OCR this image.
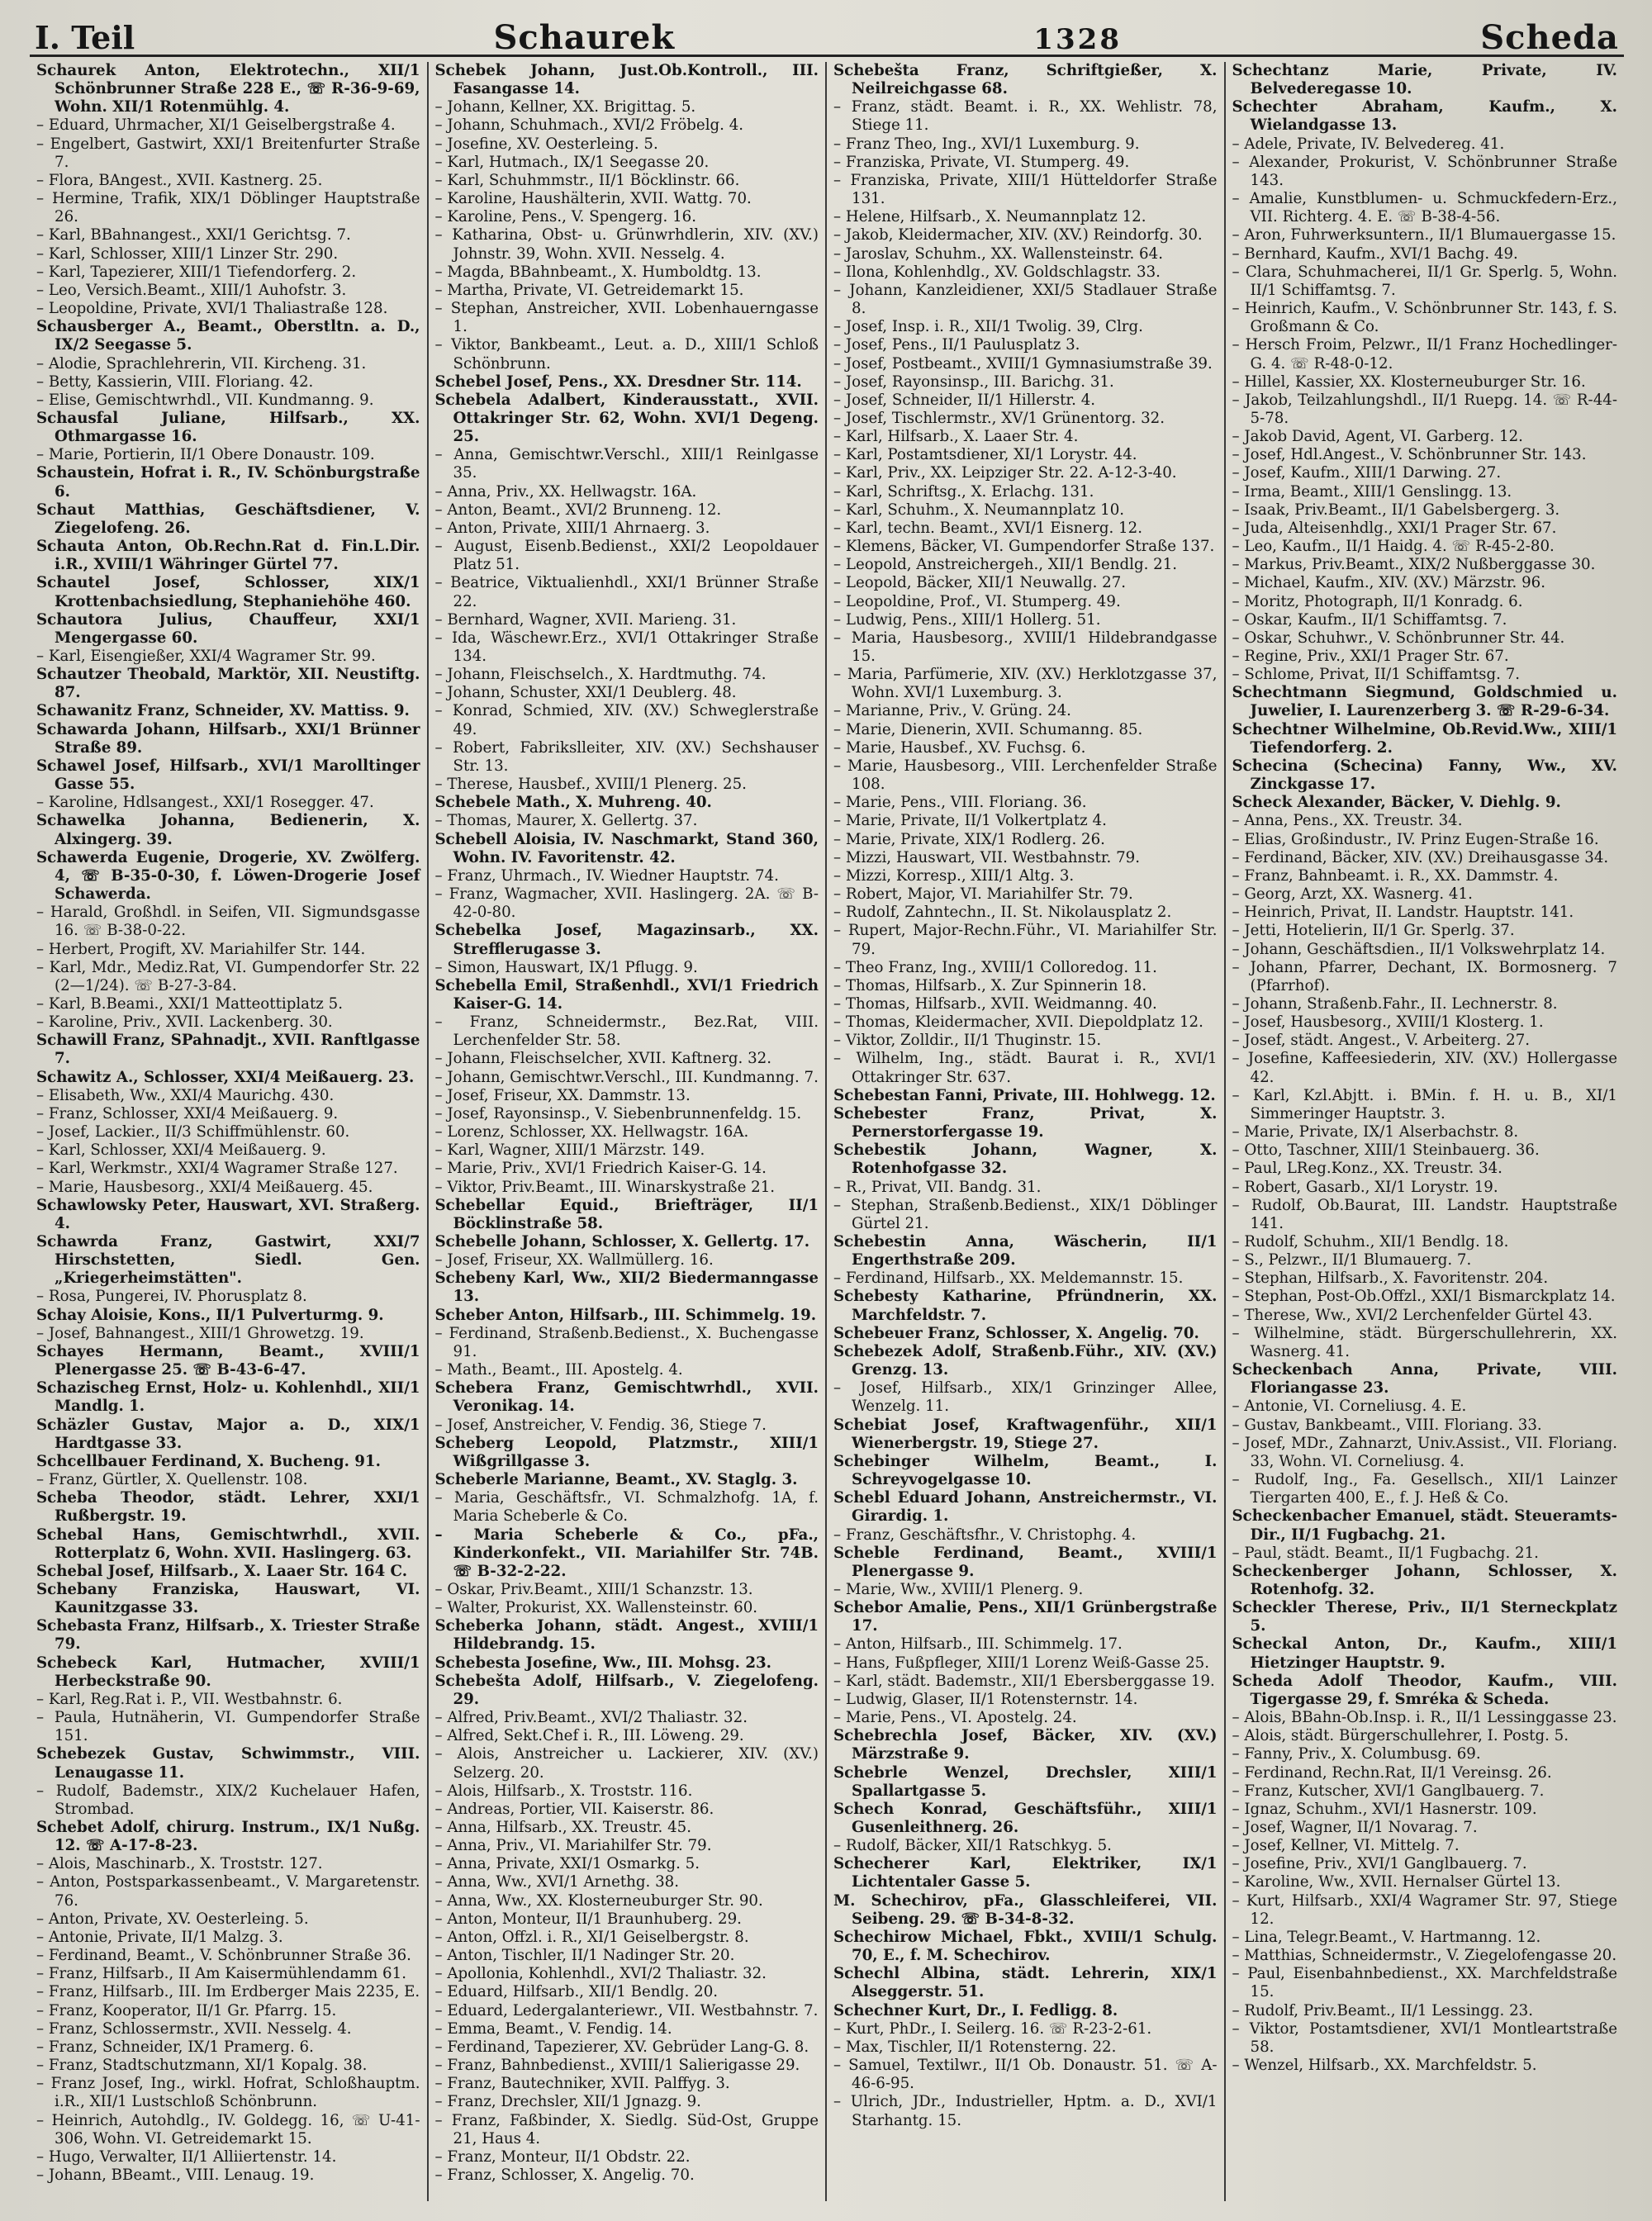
I. Teil	Schaurek	1328	Scheda

Schaurek Anton, Elektrotechn., XII/1 Schönbrunner Straße 228 E., ☏ R-36-9-69, Wohn. XII/1 Rotenmühlg. 4.

– Eduard, Uhrmacher, XI/1 Geiselbergstraße 4.

– Engelbert, Gastwirt, XXI/1 Breitenfurter Straße 7.

– Flora, BAngest., XVII. Kastnerg. 25.

– Hermine, Trafik, XIX/1 Döblinger Hauptstraße 26.

– Karl, BBahnangest., XXI/1 Gerichtsg. 7.

– Karl, Schlosser, XIII/1 Linzer Str. 290.

– Karl, Tapezierer, XIII/1 Tiefendorferg. 2.

– Leo, Versich.Beamt., XIII/1 Auhofstr. 3.

– Leopoldine, Private, XVI/1 Thaliastraße 128.

Schausberger A., Beamt., Oberstltn. a. D., IX/2 Seegasse 5.

– Alodie, Sprachlehrerin, VII. Kircheng. 31.

– Betty, Kassierin, VIII. Floriang. 42.

– Elise, Gemischtwrhdl., VII. Kundmanng. 9.

Schausfal Juliane, Hilfsarb., XX. Othmargasse 16.

– Marie, Portierin, II/1 Obere Donaustr. 109.

Schaustein, Hofrat i. R., IV. Schönburgstraße 6.

Schaut Matthias, Geschäftsdiener, V. Ziegelofeng. 26.

Schauta Anton, Ob.Rechn.Rat d. Fin.L.Dir. i.R., XVIII/1 Währinger Gürtel 77.

Schautel Josef, Schlosser, XIX/1 Krottenbachsiedlung, Stephaniehöhe 460.

Schautora Julius, Chauffeur, XXI/1 Mengergasse 60.

– Karl, Eisengießer, XXI/4 Wagramer Str. 99.

Schautzer Theobald, Marktör, XII. Neustiftg. 87.

Schawanitz Franz, Schneider, XV. Mattiss. 9.

Schawarda Johann, Hilfsarb., XXI/1 Brünner Straße 89.

Schawel Josef, Hilfsarb., XVI/1 Marolltinger Gasse 55.

– Karoline, Hdlsangest., XXI/1 Rosegger. 47.

Schawelka Johanna, Bedienerin, X. Alxingerg. 39.

Schawerda Eugenie, Drogerie, XV. Zwölferg. 4, ☏ B-35-0-30, f. Löwen-Drogerie Josef Schawerda.

– Harald, Großhdl. in Seifen, VII. Sigmundsgasse 16. ☏ B-38-0-22.

– Herbert, Progift, XV. Mariahilfer Str. 144.

– Karl, Mdr., Mediz.Rat, VI. Gumpendorfer Str. 22 (2—1/24). ☏ B-27-3-84.

– Karl, B.Beami., XXI/1 Matteottiplatz 5.

– Karoline, Priv., XVII. Lackenberg. 30.

Schawill Franz, SPahnadjt., XVII. Ranftlgasse 7.

Schawitz A., Schlosser, XXI/4 Meißauerg. 23.

– Elisabeth, Ww., XXI/4 Maurichg. 430.

– Franz, Schlosser, XXI/4 Meißauerg. 9.

– Josef, Lackier., II/3 Schiffmühlenstr. 60.

– Karl, Schlosser, XXI/4 Meißauerg. 9.

– Karl, Werkmstr., XXI/4 Wagramer Straße 127.

– Marie, Hausbesorg., XXI/4 Meißauerg. 45.

Schawlowsky Peter, Hauswart, XVI. Straßerg. 4.

Schawrda Franz, Gastwirt, XXI/7 Hirschstetten, Siedl. Gen. „Kriegerheimstätten".

– Rosa, Pungerei, IV. Phorusplatz 8.

Schay Aloisie, Kons., II/1 Pulverturmg. 9.

– Josef, Bahnangest., XIII/1 Ghrowetzg. 19.

Schayes Hermann, Beamt., XVIII/1 Plenergasse 25. ☏ B-43-6-47.

Schazischeg Ernst, Holz- u. Kohlenhdl., XII/1 Mandlg. 1.

Schäzler Gustav, Major a. D., XIX/1 Hardtgasse 33.

Schcellbauer Ferdinand, X. Bucheng. 91.

– Franz, Gürtler, X. Quellenstr. 108.

Scheba Theodor, städt. Lehrer, XXI/1 Rußbergstr. 19.

Schebal Hans, Gemischtwrhdl., XVII. Rotterplatz 6, Wohn. XVII. Haslingerg. 63.

Schebal Josef, Hilfsarb., X. Laaer Str. 164 C.

Schebany Franziska, Hauswart, VI. Kaunitzgasse 33.

Schebasta Franz, Hilfsarb., X. Triester Straße 79.

Schebeck Karl, Hutmacher, XVIII/1 Herbeckstraße 90.

– Karl, Reg.Rat i. P., VII. Westbahnstr. 6.

– Paula, Hutnäherin, VI. Gumpendorfer Straße 151.

Schebezek Gustav, Schwimmstr., VIII. Lenaugasse 11.

– Rudolf, Bademstr., XIX/2 Kuchelauer Hafen, Strombad.

Schebet Adolf, chirurg. Instrum., IX/1 Nußg. 12. ☏ A-17-8-23.

– Alois, Maschinarb., X. Troststr. 127.

– Anton, Postsparkassenbeamt., V. Margaretenstr. 76.

– Anton, Private, XV. Oesterleing. 5.

– Antonie, Private, II/1 Malzg. 3.

– Ferdinand, Beamt., V. Schönbrunner Straße 36.

– Franz, Hilfsarb., II Am Kaisermühlendamm 61.

– Franz, Hilfsarb., III. Im Erdberger Mais 2235, E.

– Franz, Kooperator, II/1 Gr. Pfarrg. 15.

– Franz, Schlossermstr., XVII. Nesselg. 4.

– Franz, Schneider, IX/1 Pramerg. 6.

– Franz, Stadtschutzmann, XI/1 Kopalg. 38.

– Franz Josef, Ing., wirkl. Hofrat, Schloßhauptm. i.R., XII/1 Lustschloß Schönbrunn.

– Heinrich, Autohdlg., IV. Goldegg. 16, ☏ U-41-306, Wohn. VI. Getreidemarkt 15.

– Hugo, Verwalter, II/1 Alliiertenstr. 14.

– Johann, BBeamt., VIII. Lenaug. 19.

Schebek Johann, Just.Ob.Kontroll., III. Fasangasse 14.

– Johann, Kellner, XX. Brigittag. 5.

– Johann, Schuhmach., XVI/2 Fröbelg. 4.

– Josefine, XV. Oesterleing. 5.

– Karl, Hutmach., IX/1 Seegasse 20.

– Karl, Schuhmmstr., II/1 Böcklinstr. 66.

– Karoline, Haushälterin, XVII. Wattg. 70.

– Karoline, Pens., V. Spengerg. 16.

– Katharina, Obst- u. Grünwrhdlerin, XIV. (XV.) Johnstr. 39, Wohn. XVII. Nesselg. 4.

– Magda, BBahnbeamt., X. Humboldtg. 13.

– Martha, Private, VI. Getreidemarkt 15.

– Stephan, Anstreicher, XVII. Lobenhauerngasse 1.

– Viktor, Bankbeamt., Leut. a. D., XIII/1 Schloß Schönbrunn.

Schebel Josef, Pens., XX. Dresdner Str. 114.

Schebela Adalbert, Kinderausstatt., XVII. Ottakringer Str. 62, Wohn. XVI/1 Degeng. 25.

– Anna, Gemischtwr.Verschl., XIII/1 Reinlgasse 35.

– Anna, Priv., XX. Hellwagstr. 16A.

– Anton, Beamt., XVI/2 Brunneng. 12.

– Anton, Private, XIII/1 Ahrnaerg. 3.

– August, Eisenb.Bedienst., XXI/2 Leopoldauer Platz 51.

– Beatrice, Viktualienhdl., XXI/1 Brünner Straße 22.

– Bernhard, Wagner, XVII. Marieng. 31.

– Ida, Wäschewr.Erz., XVI/1 Ottakringer Straße 134.

– Johann, Fleischselch., X. Hardtmuthg. 74.

– Johann, Schuster, XXI/1 Deublerg. 48.

– Konrad, Schmied, XIV. (XV.) Schweglerstraße 49.

– Robert, Fabrikslleiter, XIV. (XV.) Sechshauser Str. 13.

– Therese, Hausbef., XVIII/1 Plenerg. 25.

Schebele Math., X. Muhreng. 40.

– Thomas, Maurer, X. Gellertg. 37.

Schebell Aloisia, IV. Naschmarkt, Stand 360, Wohn. IV. Favoritenstr. 42.

– Franz, Uhrmach., IV. Wiedner Hauptstr. 74.

– Franz, Wagmacher, XVII. Haslingerg. 2A. ☏ B-42-0-80.

Schebelka Josef, Magazinsarb., XX. Strefflerugasse 3.

– Simon, Hauswart, IX/1 Pflugg. 9.

Schebella Emil, Straßenhdl., XVI/1 Friedrich Kaiser-G. 14.

– Franz, Schneidermstr., Bez.Rat, VIII. Lerchenfelder Str. 58.

– Johann, Fleischselcher, XVII. Kaftnerg. 32.

– Johann, Gemischtwr.Verschl., III. Kundmanng. 7.

– Josef, Friseur, XX. Dammstr. 13.

– Josef, Rayonsinsp., V. Siebenbrunnenfeldg. 15.

– Lorenz, Schlosser, XX. Hellwagstr. 16A.

– Karl, Wagner, XIII/1 Märzstr. 149.

– Marie, Priv., XVI/1 Friedrich Kaiser-G. 14.

– Viktor, Priv.Beamt., III. Winarskystraße 21.

Schebellar Equid., Briefträger, II/1 Böcklinstraße 58.

Schebelle Johann, Schlosser, X. Gellertg. 17.

– Josef, Friseur, XX. Wallmüllerg. 16.

Schebeny Karl, Ww., XII/2 Biedermanngasse 13.

Scheber Anton, Hilfsarb., III. Schimmelg. 19.

– Ferdinand, Straßenb.Bedienst., X. Buchengasse 91.

– Math., Beamt., III. Apostelg. 4.

Schebera Franz, Gemischtwrhdl., XVII. Veronikag. 14.

– Josef, Anstreicher, V. Fendig. 36, Stiege 7.

Scheberg Leopold, Platzmstr., XIII/1 Wißgrillgasse 3.

Scheberle Marianne, Beamt., XV. Staglg. 3.

– Maria, Geschäftsfr., VI. Schmalzhofg. 1A, f. Maria Scheberle & Co.

– Maria Scheberle & Co., pFa., Kinderkonfekt., VII. Mariahilfer Str. 74B. ☏ B-32-2-22.

– Oskar, Priv.Beamt., XIII/1 Schanzstr. 13.

– Walter, Prokurist, XX. Wallensteinstr. 60.

Scheberka Johann, städt. Angest., XVIII/1 Hildebrandg. 15.

Schebesta Josefine, Ww., III. Mohsg. 23.

Schebešta Adolf, Hilfsarb., V. Ziegelofeng. 29.

– Alfred, Priv.Beamt., XVI/2 Thaliastr. 32.

– Alfred, Sekt.Chef i. R., III. Löweng. 29.

– Alois, Anstreicher u. Lackierer, XIV. (XV.) Selzerg. 20.

– Alois, Hilfsarb., X. Troststr. 116.

– Andreas, Portier, VII. Kaiserstr. 86.

– Anna, Hilfsarb., XX. Treustr. 45.

– Anna, Priv., VI. Mariahilfer Str. 79.

– Anna, Private, XXI/1 Osmarkg. 5.

– Anna, Ww., XVI/1 Arnethg. 38.

– Anna, Ww., XX. Klosterneuburger Str. 90.

– Anton, Monteur, II/1 Braunhuberg. 29.

– Anton, Offzl. i. R., XI/1 Geiselbergstr. 8.

– Anton, Tischler, II/1 Nadinger Str. 20.

– Apollonia, Kohlenhdl., XVI/2 Thaliastr. 32.

– Eduard, Hilfsarb., XII/1 Bendlg. 20.

– Eduard, Ledergalanteriewr., VII. Westbahnstr. 7.

– Emma, Beamt., V. Fendig. 14.

– Ferdinand, Tapezierer, XV. Gebrüder Lang-G. 8.

– Franz, Bahnbedienst., XVIII/1 Salierigasse 29.

– Franz, Bautechniker, XVII. Palffyg. 3.

– Franz, Drechsler, XII/1 Jgnazg. 9.

– Franz, Faßbinder, X. Siedlg. Süd-Ost, Gruppe 21, Haus 4.

– Franz, Monteur, II/1 Obdstr. 22.

– Franz, Schlosser, X. Angelig. 70.

Schebešta Franz, Schriftgießer, X. Neilreichgasse 68.

– Franz, städt. Beamt. i. R., XX. Wehlistr. 78, Stiege 11.

– Franz Theo, Ing., XVI/1 Luxemburg. 9.

– Franziska, Private, VI. Stumperg. 49.

– Franziska, Private, XIII/1 Hütteldorfer Straße 131.

– Helene, Hilfsarb., X. Neumannplatz 12.

– Jakob, Kleidermacher, XIV. (XV.) Reindorfg. 30.

– Jaroslav, Schuhm., XX. Wallensteinstr. 64.

– Ilona, Kohlenhdlg., XV. Goldschlagstr. 33.

– Johann, Kanzleidiener, XXI/5 Stadlauer Straße 8.

– Josef, Insp. i. R., XII/1 Twolig. 39, Clrg.

– Josef, Pens., II/1 Paulusplatz 3.

– Josef, Postbeamt., XVIII/1 Gymnasiumstraße 39.

– Josef, Rayonsinsp., III. Barichg. 31.

– Josef, Schneider, II/1 Hillerstr. 4.

– Josef, Tischlermstr., XV/1 Grünentorg. 32.

– Karl, Hilfsarb., X. Laaer Str. 4.

– Karl, Postamtsdiener, XI/1 Lorystr. 44.

– Karl, Priv., XX. Leipziger Str. 22. A-12-3-40.

– Karl, Schriftsg., X. Erlachg. 131.

– Karl, Schuhm., X. Neumannplatz 10.

– Karl, techn. Beamt., XVI/1 Eisnerg. 12.

– Klemens, Bäcker, VI. Gumpendorfer Straße 137.

– Leopold, Anstreichergeh., XII/1 Bendlg. 21.

– Leopold, Bäcker, XII/1 Neuwallg. 27.

– Leopoldine, Prof., VI. Stumperg. 49.

– Ludwig, Pens., XIII/1 Hollerg. 51.

– Maria, Hausbesorg., XVIII/1 Hildebrandgasse 15.

– Maria, Parfümerie, XIV. (XV.) Herklotzgasse 37, Wohn. XVI/1 Luxemburg. 3.

– Marianne, Priv., V. Grüng. 24.

– Marie, Dienerin, XVII. Schumanng. 85.

– Marie, Hausbef., XV. Fuchsg. 6.

– Marie, Hausbesorg., VIII. Lerchenfelder Straße 108.

– Marie, Pens., VIII. Floriang. 36.

– Marie, Private, II/1 Volkertplatz 4.

– Marie, Private, XIX/1 Rodlerg. 26.

– Mizzi, Hauswart, VII. Westbahnstr. 79.

– Mizzi, Korresp., XIII/1 Altg. 3.

– Robert, Major, VI. Mariahilfer Str. 79.

– Rudolf, Zahntechn., II. St. Nikolausplatz 2.

– Rupert, Major-Rechn.Führ., VI. Mariahilfer Str. 79.

– Theo Franz, Ing., XVIII/1 Colloredog. 11.

– Thomas, Hilfsarb., X. Zur Spinnerin 18.

– Thomas, Hilfsarb., XVII. Weidmanng. 40.

– Thomas, Kleidermacher, XVII. Diepoldplatz 12.

– Viktor, Zolldir., II/1 Thuginstr. 15.

– Wilhelm, Ing., städt. Baurat i. R., XVI/1 Ottakringer Str. 637.

Schebestan Fanni, Private, III. Hohlwegg. 12.

Schebester Franz, Privat, X. Pernerstorfergasse 19.

Schebestik Johann, Wagner, X. Rotenhofgasse 32.

– R., Privat, VII. Bandg. 31.

– Stephan, Straßenb.Bedienst., XIX/1 Döblinger Gürtel 21.

Schebestin Anna, Wäscherin, II/1 Engerthstraße 209.

– Ferdinand, Hilfsarb., XX. Meldemannstr. 15.

Schebesty Katharine, Pfründnerin, XX. Marchfeldstr. 7.

Schebeuer Franz, Schlosser, X. Angelig. 70.

Schebezek Adolf, Straßenb.Führ., XIV. (XV.) Grenzg. 13.

– Josef, Hilfsarb., XIX/1 Grinzinger Allee, Wenzelg. 11.

Schebiat Josef, Kraftwagenführ., XII/1 Wienerbergstr. 19, Stiege 27.

Schebinger Wilhelm, Beamt., I. Schreyvogelgasse 10.

Schebl Eduard Johann, Anstreichermstr., VI. Girardig. 1.

– Franz, Geschäftsfhr., V. Christophg. 4.

Scheble Ferdinand, Beamt., XVIII/1 Plenergasse 9.

– Marie, Ww., XVIII/1 Plenerg. 9.

Schebor Amalie, Pens., XII/1 Grünbergstraße 17.

– Anton, Hilfsarb., III. Schimmelg. 17.

– Hans, Fußpfleger, XIII/1 Lorenz Weiß-Gasse 25.

– Karl, städt. Bademstr., XII/1 Ebersberggasse 19.

– Ludwig, Glaser, II/1 Rotensternstr. 14.

– Marie, Pens., VI. Apostelg. 24.

Schebrechla Josef, Bäcker, XIV. (XV.) Märzstraße 9.

Schebrle Wenzel, Drechsler, XIII/1 Spallartgasse 5.

Schech Konrad, Geschäftsführ., XIII/1 Gusenleithnerg. 26.

– Rudolf, Bäcker, XII/1 Ratschkyg. 5.

Schecherer Karl, Elektriker, IX/1 Lichtentaler Gasse 5.

M. Schechirov, pFa., Glasschleiferei, VII. Seibeng. 29. ☏ B-34-8-32.

Schechirow Michael, Fbkt., XVIII/1 Schulg. 70, E., f. M. Schechirov.

Schechl Albina, städt. Lehrerin, XIX/1 Alseggerstr. 51.

Schechner Kurt, Dr., I. Fedligg. 8.

– Kurt, PhDr., I. Seilerg. 16. ☏ R-23-2-61.

– Max, Tischler, II/1 Rotensterng. 22.

– Samuel, Textilwr., II/1 Ob. Donaustr. 51. ☏ A-46-6-95.

– Ulrich, JDr., Industrieller, Hptm. a. D., XVI/1 Starhantg. 15.

Schechtanz Marie, Private, IV. Belvederegasse 10.

Schechter Abraham, Kaufm., X. Wielandgasse 13.

– Adele, Private, IV. Belvedereg. 41.

– Alexander, Prokurist, V. Schönbrunner Straße 143.

– Amalie, Kunstblumen- u. Schmuckfedern-Erz., VII. Richterg. 4. E. ☏ B-38-4-56.

– Aron, Fuhrwerksuntern., II/1 Blumauergasse 15.

– Bernhard, Kaufm., XVI/1 Bachg. 49.

– Clara, Schuhmacherei, II/1 Gr. Sperlg. 5, Wohn. II/1 Schiffamtsg. 7.

– Heinrich, Kaufm., V. Schönbrunner Str. 143, f. S. Großmann & Co.

– Hersch Froim, Pelzwr., II/1 Franz Hochedlinger-G. 4. ☏ R-48-0-12.

– Hillel, Kassier, XX. Klosterneuburger Str. 16.

– Jakob, Teilzahlungshdl., II/1 Ruepg. 14. ☏ R-44-5-78.

– Jakob David, Agent, VI. Garberg. 12.

– Josef, Hdl.Angest., V. Schönbrunner Str. 143.

– Josef, Kaufm., XIII/1 Darwing. 27.

– Irma, Beamt., XIII/1 Genslingg. 13.

– Isaak, Priv.Beamt., II/1 Gabelsbergerg. 3.

– Juda, Alteisenhdlg., XXI/1 Prager Str. 67.

– Leo, Kaufm., II/1 Haidg. 4. ☏ R-45-2-80.

– Markus, Priv.Beamt., XIX/2 Nußberggasse 30.

– Michael, Kaufm., XIV. (XV.) Märzstr. 96.

– Moritz, Photograph, II/1 Konradg. 6.

– Oskar, Kaufm., II/1 Schiffamtsg. 7.

– Oskar, Schuhwr., V. Schönbrunner Str. 44.

– Regine, Priv., XXI/1 Prager Str. 67.

– Schlome, Privat, II/1 Schiffamtsg. 7.

Schechtmann Siegmund, Goldschmied u. Juwelier, I. Laurenzerberg 3. ☏ R-29-6-34.

Schechtner Wilhelmine, Ob.Revid.Ww., XIII/1 Tiefendorferg. 2.

Schecina (Schecina) Fanny, Ww., XV. Zinckgasse 17.

Scheck Alexander, Bäcker, V. Diehlg. 9.

– Anna, Pens., XX. Treustr. 34.

– Elias, Großindustr., IV. Prinz Eugen-Straße 16.

– Ferdinand, Bäcker, XIV. (XV.) Dreihausgasse 34.

– Franz, Bahnbeamt. i. R., XX. Dammstr. 4.

– Georg, Arzt, XX. Wasnerg. 41.

– Heinrich, Privat, II. Landstr. Hauptstr. 141.

– Jetti, Hotelierin, II/1 Gr. Sperlg. 37.

– Johann, Geschäftsdien., II/1 Volkswehrplatz 14.

– Johann, Pfarrer, Dechant, IX. Bormosnerg. 7 (Pfarrhof).

– Johann, Straßenb.Fahr., II. Lechnerstr. 8.

– Josef, Hausbesorg., XVIII/1 Klosterg. 1.

– Josef, städt. Angest., V. Arbeiterg. 27.

– Josefine, Kaffeesiederin, XIV. (XV.) Hollergasse 42.

– Karl, Kzl.Abjtt. i. BMin. f. H. u. B., XI/1 Simmeringer Hauptstr. 3.

– Marie, Private, IX/1 Alserbachstr. 8.

– Otto, Taschner, XIII/1 Steinbauerg. 36.

– Paul, LReg.Konz., XX. Treustr. 34.

– Robert, Gasarb., XI/1 Lorystr. 19.

– Rudolf, Ob.Baurat, III. Landstr. Hauptstraße 141.

– Rudolf, Schuhm., XII/1 Bendlg. 18.

– S., Pelzwr., II/1 Blumauerg. 7.

– Stephan, Hilfsarb., X. Favoritenstr. 204.

– Stephan, Post-Ob.Offzl., XXI/1 Bismarckplatz 14.

– Therese, Ww., XVI/2 Lerchenfelder Gürtel 43.

– Wilhelmine, städt. Bürgerschullehrerin, XX. Wasnerg. 41.

Scheckenbach Anna, Private, VIII. Floriangasse 23.

– Antonie, VI. Corneliusg. 4. E.

– Gustav, Bankbeamt., VIII. Floriang. 33.

– Josef, MDr., Zahnarzt, Univ.Assist., VII. Floriang. 33, Wohn. VI. Corneliusg. 4.

– Rudolf, Ing., Fa. Gesellsch., XII/1 Lainzer Tiergarten 400, E., f. J. Heß & Co.

Scheckenbacher Emanuel, städt. Steueramts-Dir., II/1 Fugbachg. 21.

– Paul, städt. Beamt., II/1 Fugbachg. 21.

Scheckenberger Johann, Schlosser, X. Rotenhofg. 32.

Scheckler Therese, Priv., II/1 Sterneckplatz 5.

Scheckal Anton, Dr., Kaufm., XIII/1 Hietzinger Hauptstr. 9.

Scheda Adolf Theodor, Kaufm., VIII. Tigergasse 29, f. Smréka & Scheda.

– Alois, BBahn-Ob.Insp. i. R., II/1 Lessinggasse 23.

– Alois, städt. Bürgerschullehrer, I. Postg. 5.

– Fanny, Priv., X. Columbusg. 69.

– Ferdinand, Rechn.Rat, II/1 Vereinsg. 26.

– Franz, Kutscher, XVI/1 Ganglbauerg. 7.

– Ignaz, Schuhm., XVI/1 Hasnerstr. 109.

– Josef, Wagner, II/1 Novarag. 7.

– Josef, Kellner, VI. Mittelg. 7.

– Josefine, Priv., XVI/1 Ganglbauerg. 7.

– Karoline, Ww., XVII. Hernalser Gürtel 13.

– Kurt, Hilfsarb., XXI/4 Wagramer Str. 97, Stiege 12.

– Lina, Telegr.Beamt., V. Hartmanng. 12.

– Matthias, Schneidermstr., V. Ziegelofengasse 20.

– Paul, Eisenbahnbedienst., XX. Marchfeldstraße 15.

– Rudolf, Priv.Beamt., II/1 Lessingg. 23.

– Viktor, Postamtsdiener, XVI/1 Montleartstraße 58.

– Wenzel, Hilfsarb., XX. Marchfeldstr. 5.
